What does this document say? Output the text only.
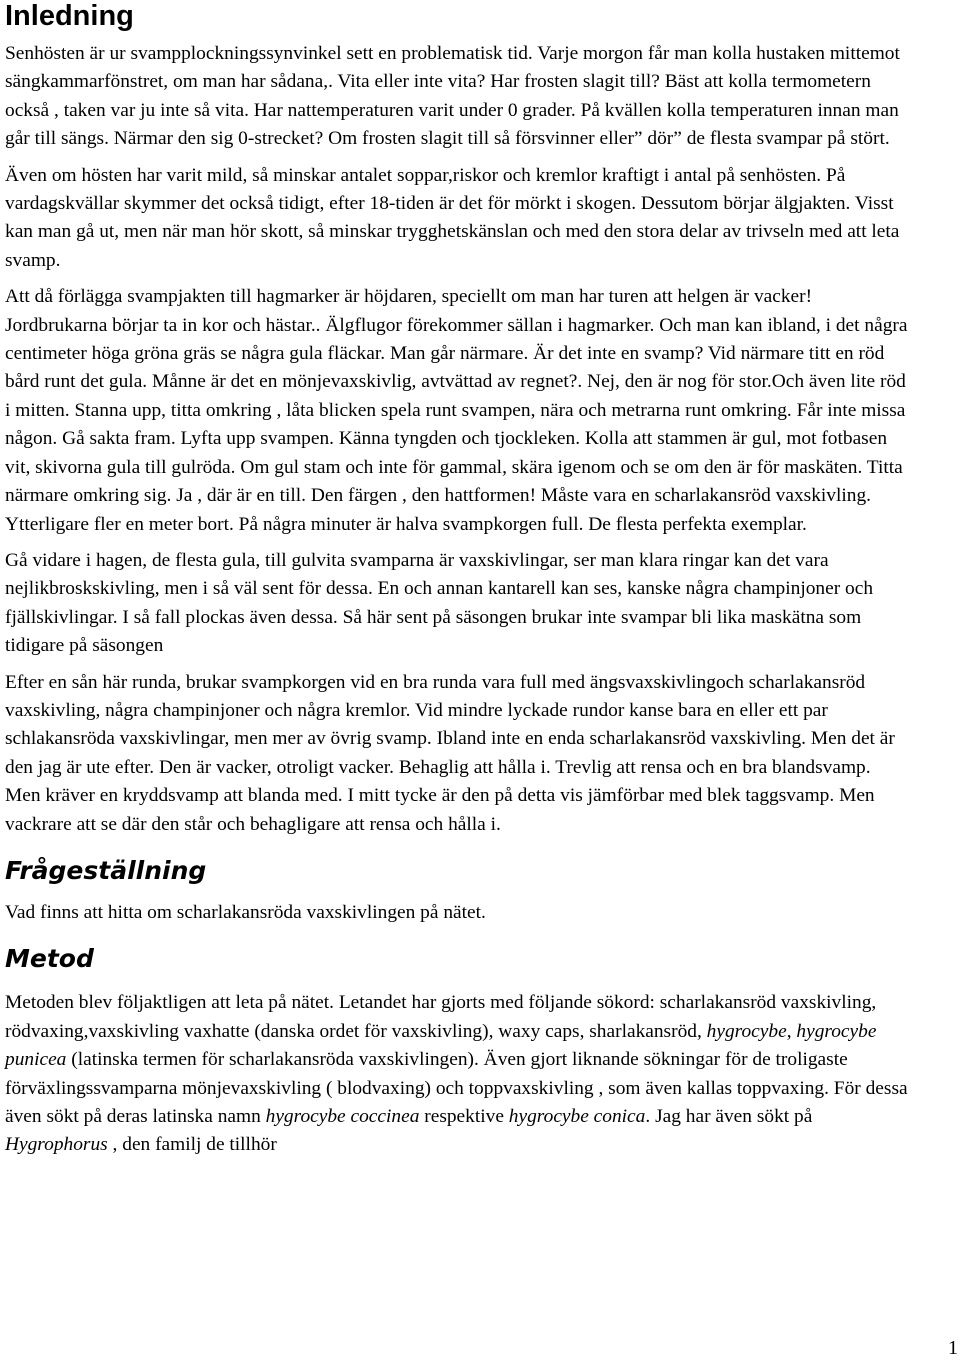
Inledning

Senhösten är ur svampplockningssynvinkel sett en problematisk tid. Varje morgon får man kolla hustaken mittemot sängkammarfönstret, om man har sådana,. Vita eller inte vita? Har frosten slagit till? Bäst att kolla termometern också , taken var ju inte så vita. Har nattemperaturen varit under 0 grader. På kvällen kolla temperaturen innan man går till sängs. Närmar den sig 0-strecket? Om frosten slagit till så försvinner eller” dör” de flesta svampar på stört.

Även om hösten har varit mild, så minskar antalet soppar,riskor och kremlor kraftigt i antal på senhösten. På vardagskvällar skymmer det också tidigt, efter 18-tiden är det för mörkt i skogen. Dessutom börjar älgjakten. Visst kan man gå ut, men när man hör skott, så minskar trygghetskänslan och med den stora delar av trivseln med att leta svamp.

Att då förlägga svampjakten till hagmarker är höjdaren, speciellt om man har turen att helgen är vacker! Jordbrukarna börjar ta in kor och hästar.. Älgflugor förekommer sällan i hagmarker. Och man kan ibland, i det några centimeter höga gröna gräs se några gula fläckar. Man går närmare. Är det inte en svamp? Vid närmare titt en röd bård runt det gula. Månne är det en mönjevaxskivlig, avtvättad av regnet?. Nej, den är nog för stor.Och även lite röd i mitten. Stanna upp, titta omkring , låta blicken spela runt svampen, nära och metrarna runt omkring. Får inte missa någon. Gå sakta fram. Lyfta upp svampen. Känna tyngden och tjockleken. Kolla att stammen är gul, mot fotbasen vit, skivorna gula till gulröda. Om gul stam och inte för gammal, skära igenom och se om den är för maskäten. Titta närmare omkring sig. Ja , där är en till. Den färgen , den hattformen! Måste vara en scharlakansröd vaxskivling. Ytterligare fler en meter bort. På några minuter är halva svampkorgen full. De flesta perfekta exemplar.

Gå vidare i hagen, de flesta gula, till gulvita svamparna är vaxskivlingar, ser man klara ringar kan det vara nejlikbroskskivling, men i så väl sent för dessa. En och annan kantarell kan ses, kanske några champinjoner och fjällskivlingar. I så fall plockas även dessa. Så här sent på säsongen brukar inte svampar bli lika maskätna som tidigare på säsongen

Efter en sån här runda, brukar svampkorgen vid en bra runda vara full med ängsvaxskivlingoch scharlakansröd vaxskivling, några champinjoner och några kremlor. Vid mindre lyckade rundor kanse bara en eller ett par schlakansröda vaxskivlingar, men mer av övrig svamp. Ibland inte en enda scharlakansröd vaxskivling. Men det är den jag är ute efter. Den är vacker, otroligt vacker. Behaglig att hålla i. Trevlig att rensa och en bra blandsvamp. Men kräver en kryddsvamp att blanda med. I mitt tycke är den på detta vis jämförbar med blek taggsvamp. Men vackrare att se där den står och behagligare att rensa och hålla i.

Frågeställning

Vad finns att hitta om scharlakansröda vaxskivlingen på nätet.

Metod

Metoden blev följaktligen att leta på nätet. Letandet har gjorts med följande sökord: scharlakansröd vaxskivling, rödvaxing,vaxskivling vaxhatte (danska ordet för vaxskivling), waxy caps, sharlakansröd, hygrocybe, hygrocybe punicea (latinska termen för scharlakansröda vaxskivlingen). Även gjort liknande sökningar för de troligaste förväxlingssvamparna mönjevaxskivling ( blodvaxing) och toppvaxskivling , som även kallas toppvaxing. För dessa även sökt på deras latinska namn hygrocybe coccinea respektive hygrocybe conica. Jag har även sökt på Hygrophorus , den familj de tillhör

1
